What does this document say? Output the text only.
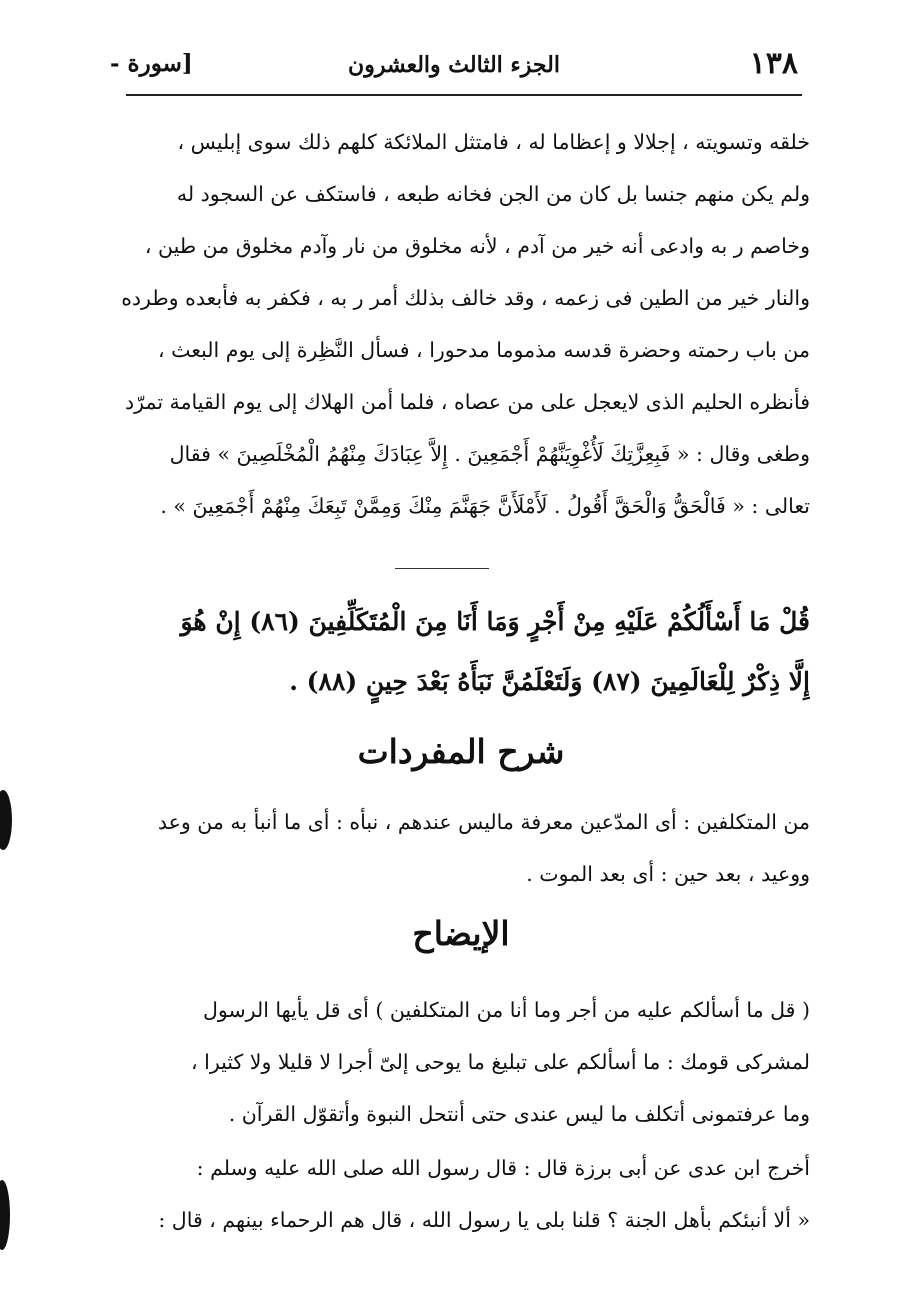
١٣٨
الجزء الثالث والعشرون
[سورة -
خلقه وتسويته ، إجلالا و إعظاما له ، فامتثل الملائكة كلهم ذلك سوى إبليس ،
ولم يكن منهم جنسا بل كان من الجن فخانه طبعه ، فاستكف عن السجود له
وخاصم ر به وادعى أنه خير من آدم ، لأنه مخلوق من نار وآدم مخلوق من طين ،
والنار خير من الطين فى زعمه ، وقد خالف بذلك أمر ر به ، فكفر به فأبعده وطرده
من باب رحمته وحضرة قدسه مذموما مدحورا ، فسأل النَّظِرة إلى يوم البعث ،
فأنظره الحليم الذى لايعجل على من عصاه ، فلما أمن الهلاك إلى يوم القيامة تمرّد
وطغى وقال : « فَبِعِزَّتِكَ لَأُغْوِيَنَّهُمْ أَجْمَعِينَ . إِلاَّ عِبَادَكَ مِنْهُمُ الْمُخْلَصِينَ » فقال
تعالى : « فَالْحَقُّ وَالْحَقَّ أَقُولُ . لَأَمْلَأَنَّ جَهَنَّمَ مِنْكَ وَمِمَّنْ تَبِعَكَ مِنْهُمْ أَجْمَعِينَ » .
قُلْ مَا أَسْأَلُكُمْ عَلَيْهِ مِنْ أَجْرٍ وَمَا أَنَا مِنَ الْمُتَكَلِّفِينَ (٨٦) إِنْ هُوَ
إِلَّا ذِكْرٌ لِلْعَالَمِينَ (٨٧) وَلَتَعْلَمُنَّ نَبَأَهُ بَعْدَ حِينٍ (٨٨) .
شرح المفردات
من المتكلفين : أى المدّعين معرفة ماليس عندهم ، نبأه : أى ما أنبأ به من وعد
ووعيد ، بعد حين : أى بعد الموت .
الإيضاح
( قل ما أسألكم عليه من أجر وما أنا من المتكلفين ) أى قل يأيها الرسول
لمشركى قومك : ما أسألكم على تبليغ ما يوحى إلىّ أجرا لا قليلا ولا كثيرا ،
وما عرفتمونى أتكلف ما ليس عندى حتى أنتحل النبوة وأتقوّل القرآن .
أخرج ابن عدى عن أبى برزة قال : قال رسول الله صلى الله عليه وسلم :
« ألا أنبئكم بأهل الجنة ؟ قلنا بلى يا رسول الله ، قال هم الرحماء بينهم ، قال :
